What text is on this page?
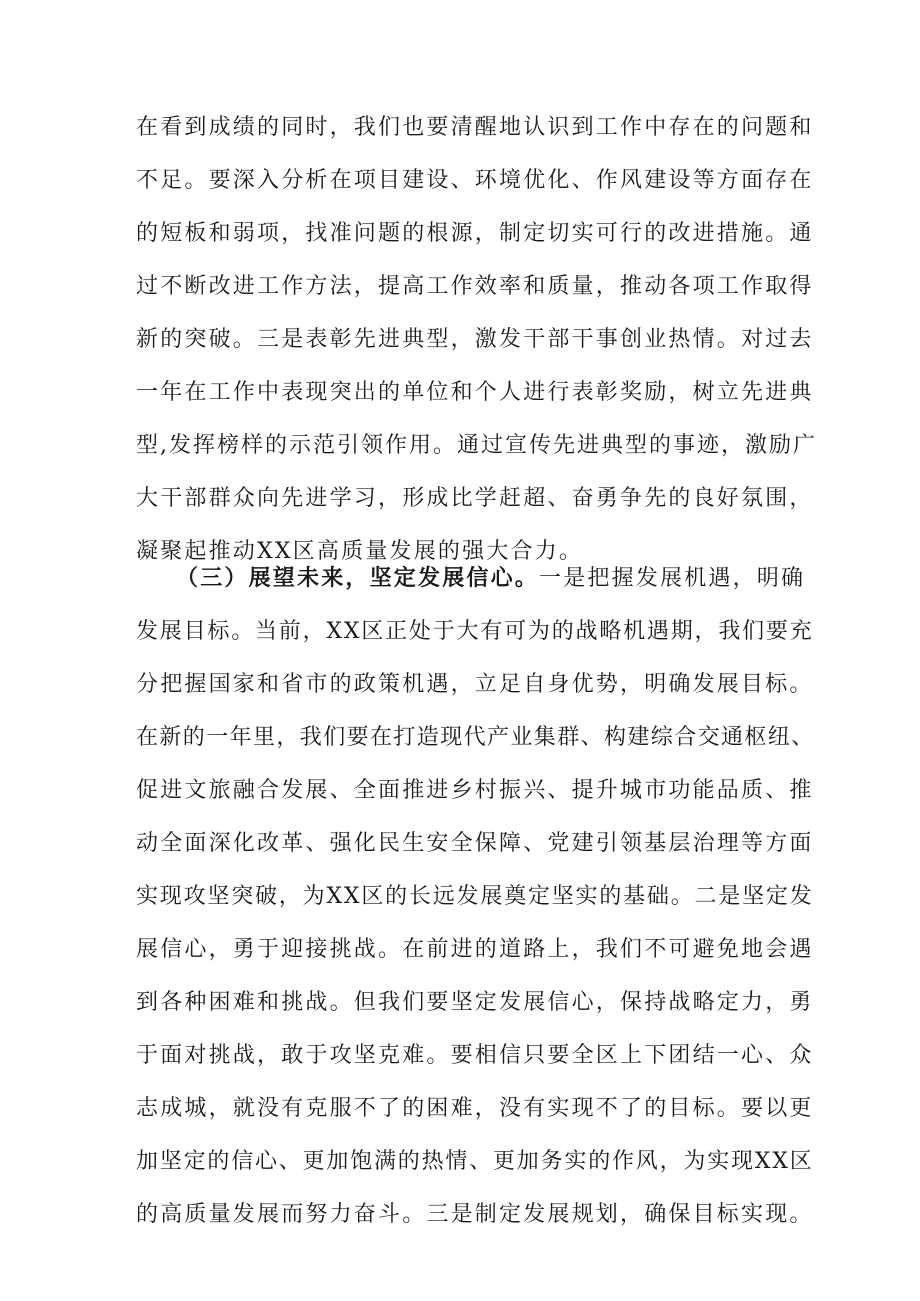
在看到成绩的同时，我们也要清醒地认识到工作中存在的问题和
不足。要深入分析在项目建设、环境优化、作风建设等方面存在
的短板和弱项，找准问题的根源，制定切实可行的改进措施。通
过不断改进工作方法，提高工作效率和质量，推动各项工作取得
新的突破。三是表彰先进典型，激发干部干事创业热情。对过去
一年在工作中表现突出的单位和个人进行表彰奖励，树立先进典
型,发挥榜样的示范引领作用。通过宣传先进典型的事迹，激励广
大干部群众向先进学习，形成比学赶超、奋勇争先的良好氛围，
凝聚起推动XX区高质量发展的强大合力。
（三）展望未来，坚定发展信心。一是把握发展机遇，明确
发展目标。当前，XX区正处于大有可为的战略机遇期，我们要充
分把握国家和省市的政策机遇，立足自身优势，明确发展目标。
在新的一年里，我们要在打造现代产业集群、构建综合交通枢纽、
促进文旅融合发展、全面推进乡村振兴、提升城市功能品质、推
动全面深化改革、强化民生安全保障、党建引领基层治理等方面
实现攻坚突破，为XX区的长远发展奠定坚实的基础。二是坚定发
展信心，勇于迎接挑战。在前进的道路上，我们不可避免地会遇
到各种困难和挑战。但我们要坚定发展信心，保持战略定力，勇
于面对挑战，敢于攻坚克难。要相信只要全区上下团结一心、众
志成城，就没有克服不了的困难，没有实现不了的目标。要以更
加坚定的信心、更加饱满的热情、更加务实的作风，为实现XX区
的高质量发展而努力奋斗。三是制定发展规划，确保目标实现。
